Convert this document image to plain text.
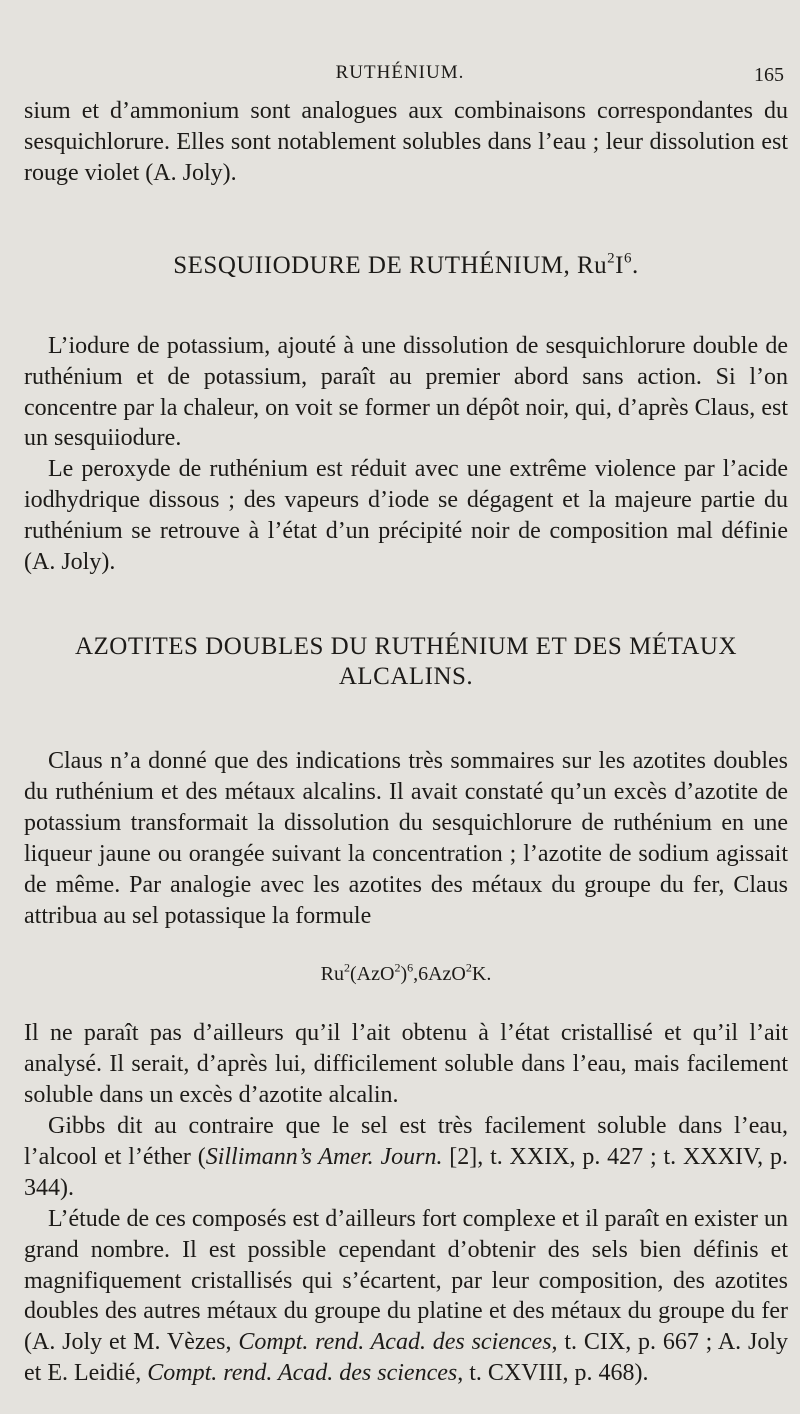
RUTHÉNIUM.	165

sium et d’ammonium sont analogues aux combinaisons correspondantes du sesquichlorure. Elles sont notablement solubles dans l’eau ; leur dissolution est rouge violet (A. Joly).

SESQUIIODURE DE RUTHÉNIUM, $Ru^2I^6$.

L’iodure de potassium, ajouté à une dissolution de sesquichlorure double de ruthénium et de potassium, paraît au premier abord sans action. Si l’on concentre par la chaleur, on voit se former un dépôt noir, qui, d’après Claus, est un sesquiiodure.

Le peroxyde de ruthénium est réduit avec une extrême violence par l’acide iodhydrique dissous ; des vapeurs d’iode se dégagent et la majeure partie du ruthénium se retrouve à l’état d’un précipité noir de composition mal définie (A. Joly).

AZOTITES DOUBLES DU RUTHÉNIUM ET DES MÉTAUX ALCALINS.

Claus n’a donné que des indications très sommaires sur les azotites doubles du ruthénium et des métaux alcalins. Il avait constaté qu’un excès d’azotite de potassium transformait la dissolution du sesquichlorure de ruthénium en une liqueur jaune ou orangée suivant la concentration ; l’azotite de sodium agissait de même. Par analogie avec les azotites des métaux du groupe du fer, Claus attribua au sel potassique la formule

$Ru^2(AzO^2)^6,6AzO^2K$.

Il ne paraît pas d’ailleurs qu’il l’ait obtenu à l’état cristallisé et qu’il l’ait analysé. Il serait, d’après lui, difficilement soluble dans l’eau, mais facilement soluble dans un excès d’azotite alcalin.

Gibbs dit au contraire que le sel est très facilement soluble dans l’eau, l’alcool et l’éther (Sillimann’s Amer. Journ. [2], t. XXIX, p. 427 ; t. XXXIV, p. 344).

L’étude de ces composés est d’ailleurs fort complexe et il paraît en exister un grand nombre. Il est possible cependant d’obtenir des sels bien définis et magnifiquement cristallisés qui s’écartent, par leur composition, des azotites doubles des autres métaux du groupe du platine et des métaux du groupe du fer (A. Joly et M. Vèzes, Compt. rend. Acad. des sciences, t. CIX, p. 667 ; A. Joly et E. Leidié, Compt. rend. Acad. des sciences, t. CXVIII, p. 468).
